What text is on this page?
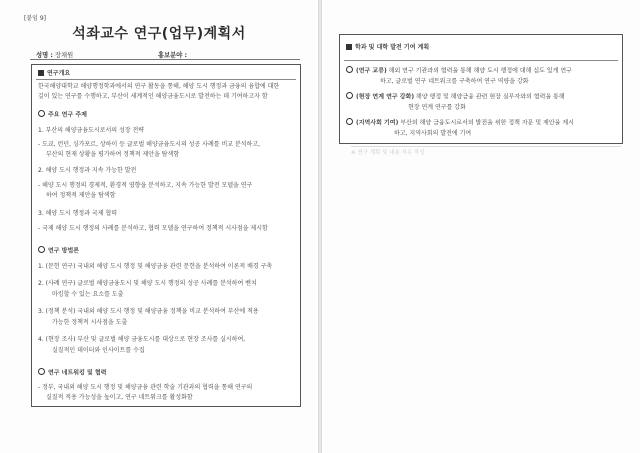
[붙임 9]
석좌교수 연구(업무)계획서
성명 : 장채원	홍보분야 :
연구개요
한국해양대학교 해양행정학과에서의 연구 활동을 통해, 해양 도시 행정과 금융의 융합에 대한
깊이 있는 연구를 수행하고, 부산이 세계적인 해양금융도시로 발전하는 데 기여하고자 함
주요 연구 주제
1. 부산의 해양금융도시로서의 성장 전략
- 도쿄, 런던, 싱가포르, 상하이 등 글로벌 해양금융도시의 성공 사례를 비교 분석하고,
부산의 현재 상황을 평가하여 정책적 제안을 탐색함
2. 해양 도시 행정과 지속 가능한 발전
- 해양 도시 행정의 경제적, 환경적 영향을 분석하고, 지속 가능한 발전 모델을 연구
하여 정책적 제안을 탐색함
3. 해양 도시 행정과 국제 협력
- 국제 해양 도시 행정의 사례를 분석하고, 협력 모델을 연구하여 정책적 시사점을 제시함
연구 방법론
1. (문헌 연구) 국내외 해양 도시 행정 및 해양금융 관련 문헌을 분석하여 이론적 배경 구축
2. (사례 연구) 글로벌 해양금융도시 및 해양 도시 행정의 성공 사례를 분석하여 벤치
마킹할 수 있는 요소를 도출
3. (정책 분석) 국내외 해양 도시 행정 및 해양금융 정책을 비교 분석하여 부산에 적용
가능한 정책적 시사점을 도출
4. (현장 조사) 부산 및 글로벌 해양 금융도시를 대상으로 현장 조사를 실시하여,
실질적인 데이터와 인사이트를 수집
연구 네트워킹 및 협력
- 정부, 국내외 해양 도시 행정 및 해양금융 관련 학술 기관과의 협력을 통해 연구의
실질적 적용 가능성을 높이고, 연구 네트워크를 활성화함
학과 및 대학 발전 기여 계획
(연구 교류) 해외 연구 기관과의 협력을 통해 해양 도시 행정에 대해 심도 있게 연구
하고, 글로벌 연구 네트워크를 구축하여 연구 역량을 강화
(현장 연계 연구 강화) 해양 행정 및 해양금융 관련 현장 실무자와의 협력을 통해
현장 연계 연구를 강화
(지역사회 기여) 부산의 해양 금융도시로서의 발전을 위한 정책 자문 및 제안을 제시
하고, 지역사회의 발전에 기여
※ 연구 계획 및 내용 자유 작성
